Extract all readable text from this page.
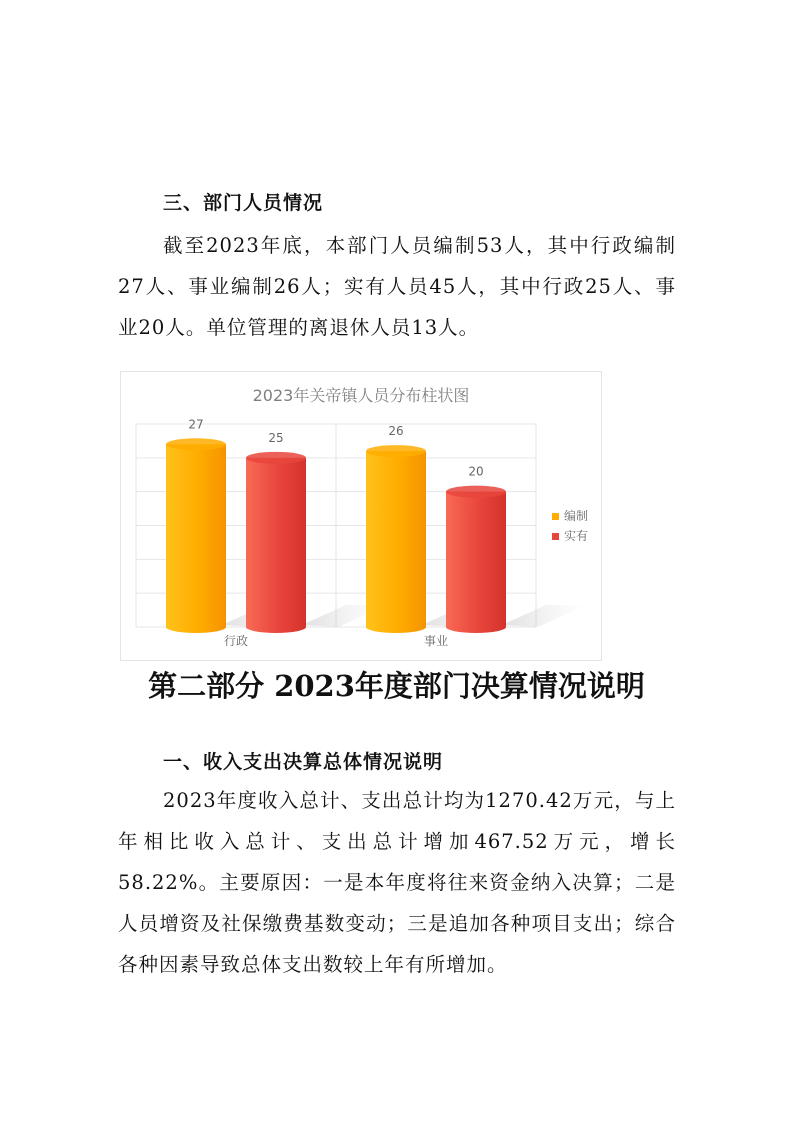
三、部门人员情况

截至2023年底，本部门人员编制53人，其中行政编制27人、事业编制26人；实有人员45人，其中行政25人、事业20人。单位管理的离退休人员13人。

2023年关帝镇人员分布柱状图
27
25
行政
26
20
事业
编制
实有
第二部分 2023年度部门决算情况说明
一、收入支出决算总体情况说明

2023年度收入总计、支出总计均为1270.42万元，与上年相比收入总计、支出总计增加467.52万元，增长58.22%。主要原因：一是本年度将往来资金纳入决算；二是人员增资及社保缴费基数变动；三是追加各种项目支出；综合各种因素导致总体支出数较上年有所增加。
